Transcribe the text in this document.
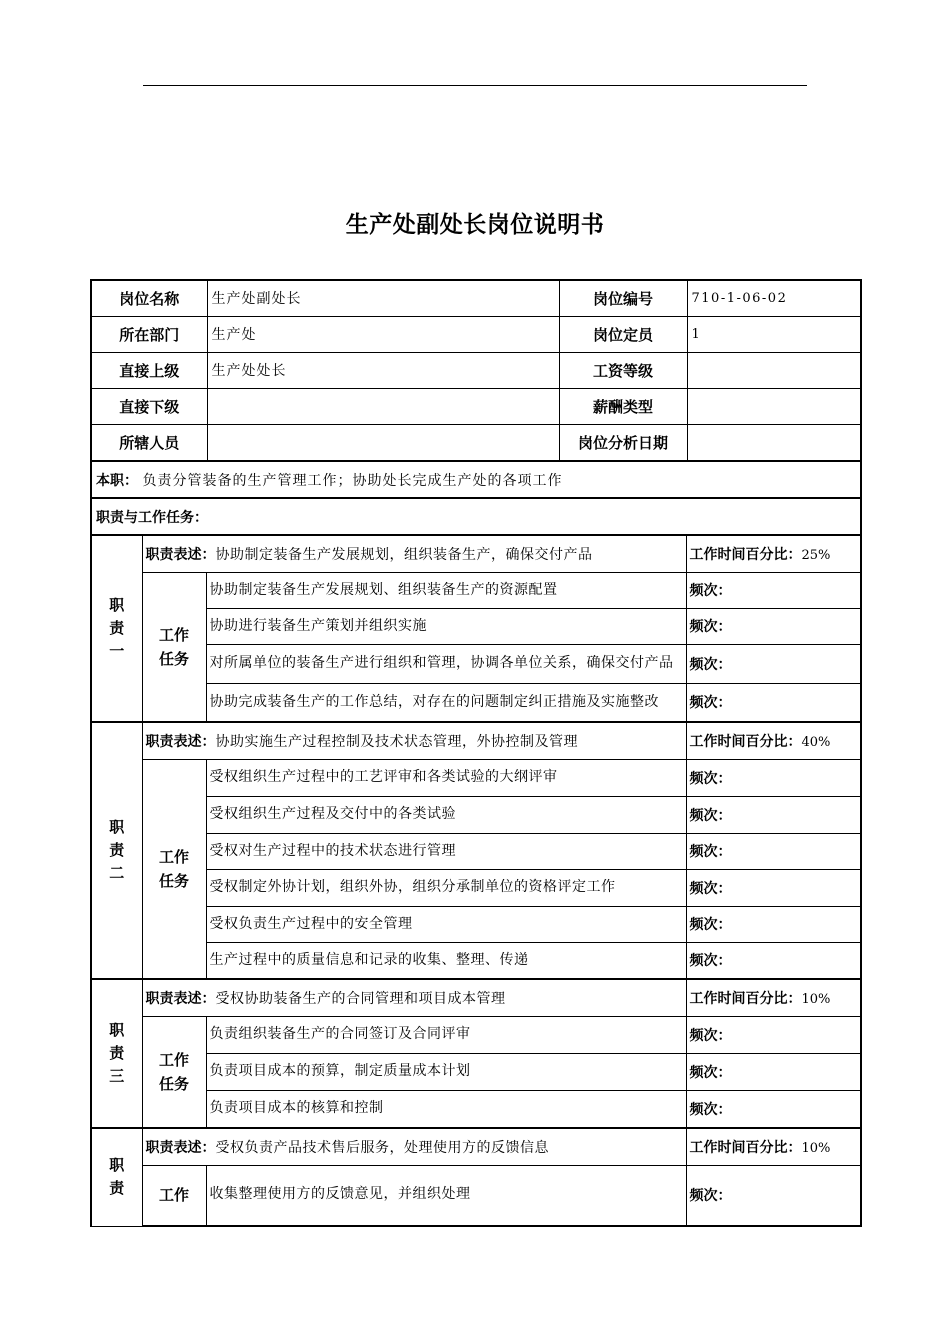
生产处副处长岗位说明书
岗位名称	生产处副处长	岗位编号	710-1-06-02
所在部门	生产处	岗位定员	1
直接上级	生产处处长	工资等级	
直接下级		薪酬类型	
所辖人员		岗位分析日期	
本职： 负责分管装备的生产管理工作；协助处长完成生产处的各项工作			
职责与工作任务：			

职
责
一	职责表述：协助制定装备生产发展规划，组织装备生产，确保交付产品		工作时间百分比：25%

	工作
任务	协助制定装备生产发展规划、组织装备生产的资源配置	频次：
		协助进行装备生产策划并组织实施	频次：
		对所属单位的装备生产进行组织和管理，协调各单位关系，确保交付产品	频次：
		协助完成装备生产的工作总结，对存在的问题制定纠正措施及实施整改	频次：

职
责
二	职责表述：协助实施生产过程控制及技术状态管理，外协控制及管理		工作时间百分比：40%

	工作
任务	受权组织生产过程中的工艺评审和各类试验的大纲评审	频次：
		受权组织生产过程及交付中的各类试验	频次：
		受权对生产过程中的技术状态进行管理	频次：
		受权制定外协计划，组织外协，组织分承制单位的资格评定工作	频次：
		受权负责生产过程中的安全管理	频次：
		生产过程中的质量信息和记录的收集、整理、传递	频次：

职
责
三	职责表述：受权协助装备生产的合同管理和项目成本管理		工作时间百分比：10%

	工作
任务	负责组织装备生产的合同签订及合同评审	频次：
		负责项目成本的预算，制定质量成本计划	频次：
		负责项目成本的核算和控制	频次：

职
责	职责表述：受权负责产品技术售后服务，处理使用方的反馈信息		工作时间百分比：10%

	工作	收集整理使用方的反馈意见，并组织处理	频次：
